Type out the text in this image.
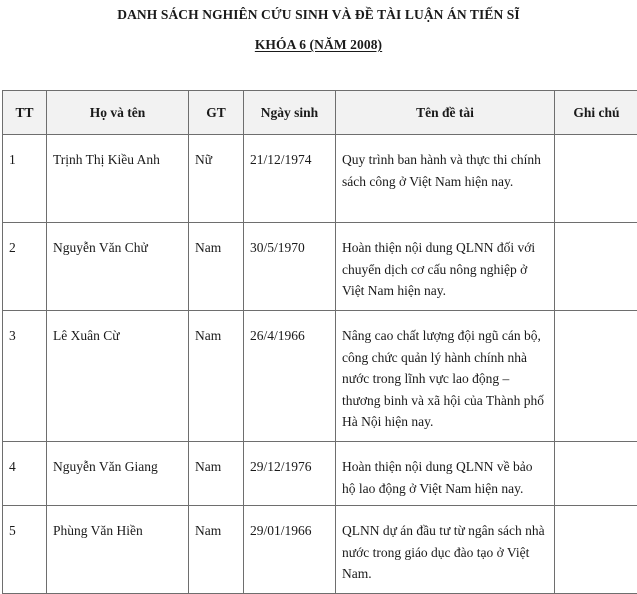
DANH SÁCH NGHIÊN CỨU SINH VÀ ĐỀ TÀI LUẬN ÁN TIẾN SĨ
KHÓA 6 (NĂM 2008)
TT	Họ và tên	GT	Ngày sinh	Tên đề tài	Ghi chú
1	Trịnh Thị Kiều Anh	Nữ	21/12/1974	Quy trình ban hành và thực thi chính sách công ở Việt Nam hiện nay.	
2	Nguyễn Văn Chử	Nam	30/5/1970	Hoàn thiện nội dung QLNN đối với chuyển dịch cơ cấu nông nghiệp ở Việt Nam hiện nay.	
3	Lê Xuân Cừ	Nam	26/4/1966	Nâng cao chất lượng đội ngũ cán bộ, công chức quản lý hành chính nhà nước trong lĩnh vực lao động – thương binh và xã hội của Thành phố Hà Nội hiện nay.	
4	Nguyễn Văn Giang	Nam	29/12/1976	Hoàn thiện nội dung QLNN về bảo hộ lao động ở Việt Nam hiện nay.	
5	Phùng Văn Hiền	Nam	29/01/1966	QLNN dự án đầu tư từ ngân sách nhà nước trong giáo dục đào tạo ở Việt Nam.	
